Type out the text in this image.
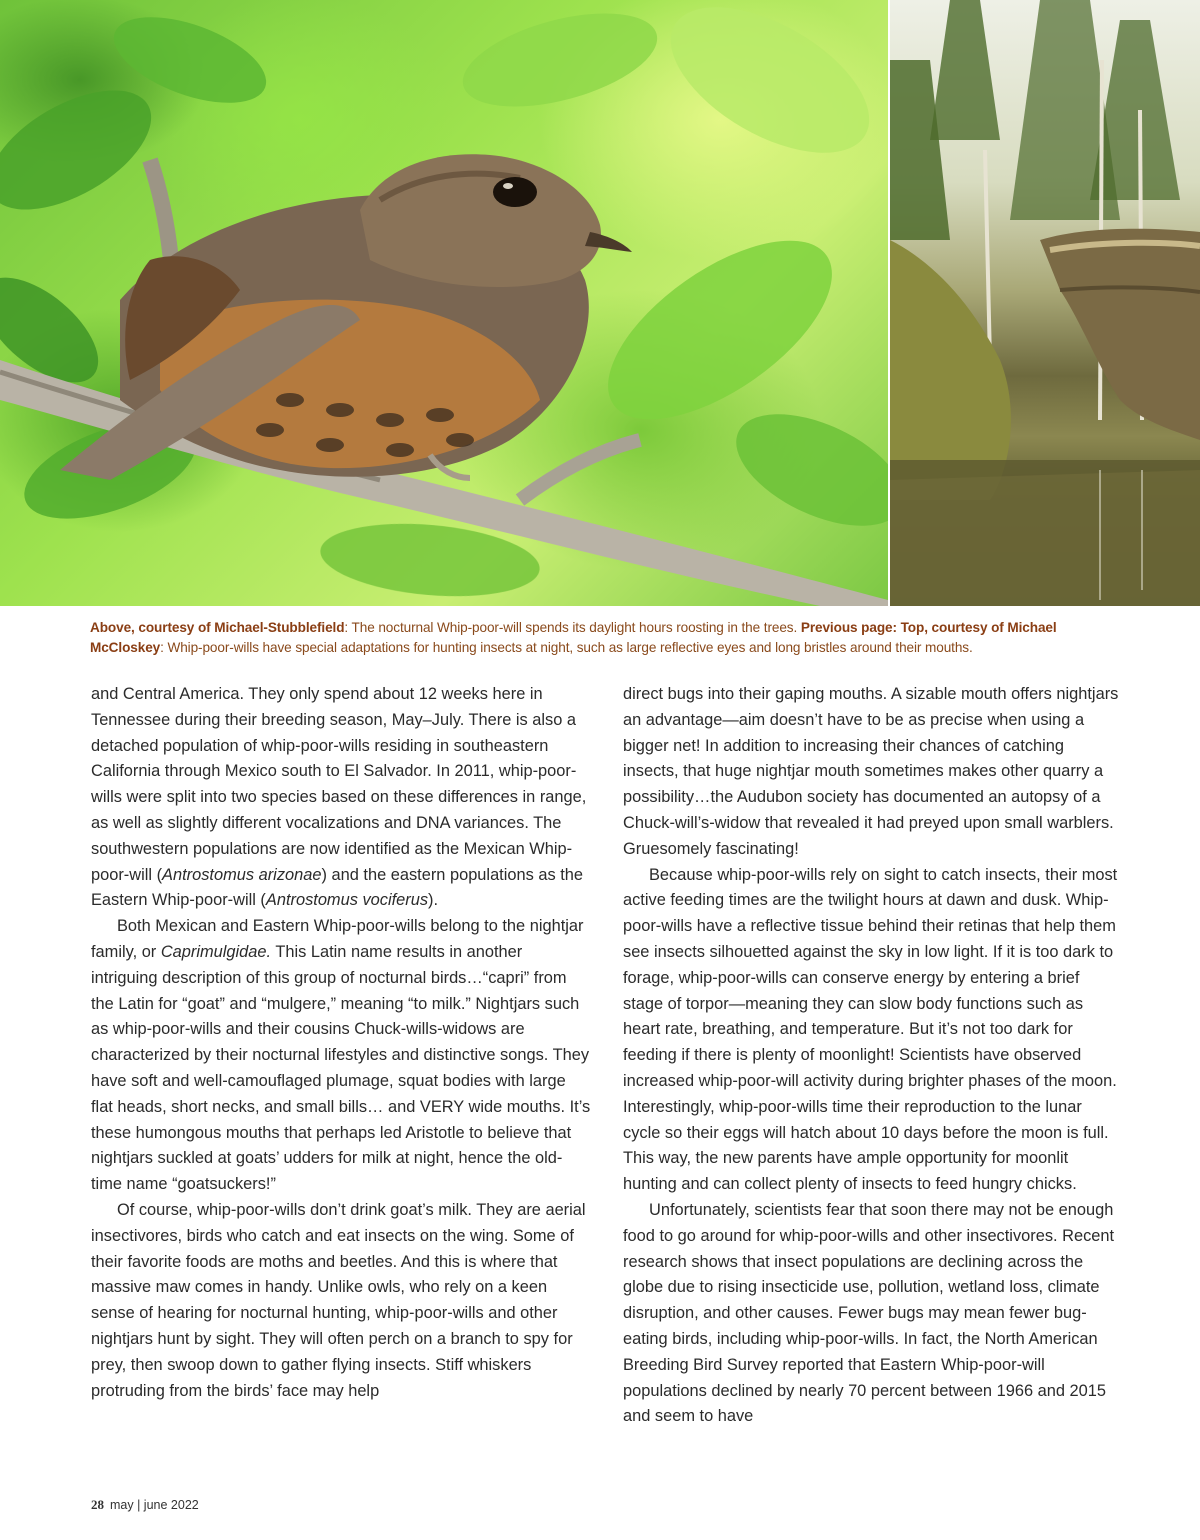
Above, courtesy of Michael-Stubblefield: The nocturnal Whip-poor-will spends its daylight hours roosting in the trees. Previous page: Top, courtesy of Michael McCloskey: Whip-poor-wills have special adaptations for hunting insects at night, such as large reflective eyes and long bristles around their mouths.

and Central America. They only spend about 12 weeks here in Tennessee during their breeding season, May–July. There is also a detached population of whip-poor-wills residing in southeastern California through Mexico south to El Salvador. In 2011, whip-poor-wills were split into two species based on these differences in range, as well as slightly different vocalizations and DNA variances. The southwestern populations are now identified as the Mexican Whip-poor-will (Antrostomus arizonae) and the eastern populations as the Eastern Whip-poor-will (Antrostomus vociferus).

Both Mexican and Eastern Whip-poor-wills belong to the nightjar family, or Caprimulgidae. This Latin name results in another intriguing description of this group of nocturnal birds…“capri” from the Latin for “goat” and “mulgere,” meaning “to milk.” Nightjars such as whip-poor-wills and their cousins Chuck-wills-widows are characterized by their nocturnal lifestyles and distinctive songs. They have soft and well-camouflaged plumage, squat bodies with large flat heads, short necks, and small bills… and VERY wide mouths. It’s these humongous mouths that perhaps led Aristotle to believe that nightjars suckled at goats’ udders for milk at night, hence the old-time name “goatsuckers!”

Of course, whip-poor-wills don’t drink goat’s milk. They are aerial insectivores, birds who catch and eat insects on the wing. Some of their favorite foods are moths and beetles. And this is where that massive maw comes in handy. Unlike owls, who rely on a keen sense of hearing for nocturnal hunting, whip-poor-wills and other nightjars hunt by sight. They will often perch on a branch to spy for prey, then swoop down to gather flying insects. Stiff whiskers protruding from the birds’ face may help

direct bugs into their gaping mouths. A sizable mouth offers nightjars an advantage—aim doesn’t have to be as precise when using a bigger net! In addition to increasing their chances of catching insects, that huge nightjar mouth sometimes makes other quarry a possibility…the Audubon society has documented an autopsy of a Chuck-will’s-widow that revealed it had preyed upon small warblers. Gruesomely fascinating!

Because whip-poor-wills rely on sight to catch insects, their most active feeding times are the twilight hours at dawn and dusk. Whip-poor-wills have a reflective tissue behind their retinas that help them see insects silhouetted against the sky in low light. If it is too dark to forage, whip-poor-wills can conserve energy by entering a brief stage of torpor—meaning they can slow body functions such as heart rate, breathing, and temperature. But it’s not too dark for feeding if there is plenty of moonlight! Scientists have observed increased whip-poor-will activity during brighter phases of the moon. Interestingly, whip-poor-wills time their reproduction to the lunar cycle so their eggs will hatch about 10 days before the moon is full. This way, the new parents have ample opportunity for moonlit hunting and can collect plenty of insects to feed hungry chicks.

Unfortunately, scientists fear that soon there may not be enough food to go around for whip-poor-wills and other insectivores. Recent research shows that insect populations are declining across the globe due to rising insecticide use, pollution, wetland loss, climate disruption, and other causes. Fewer bugs may mean fewer bug-eating birds, including whip-poor-wills. In fact, the North American Breeding Bird Survey reported that Eastern Whip-poor-will populations declined by nearly 70 percent between 1966 and 2015 and seem to have

28 may | june 2022
